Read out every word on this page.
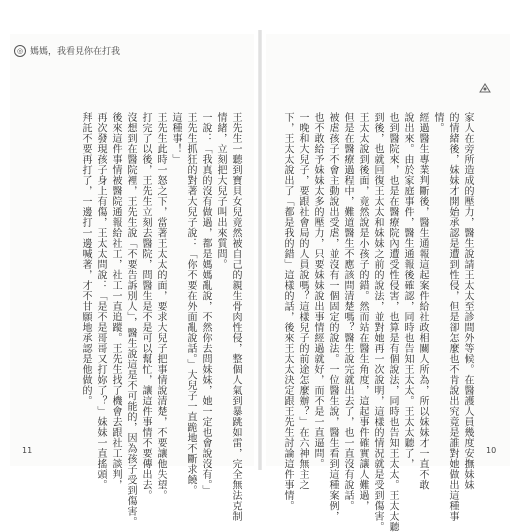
◎ 媽媽，我看見你在打我
家人在旁所造成的壓力，醫生說請王太太至診間外等候。在醫護人員幾度安撫妹妹
的情緒後，妹妹才開始承認是遭到性侵，但是卻怎麼也不肯說出究竟是誰對她做出這種事
情。
經過醫生專業判斷後，醫生通報這起案件給社政相關人所為，所以妹妹才一直不敢
說出來。由於家庭事件，醫生通報後確認，同時也告知王太太。王太太聽了，
也到醫院來，也是在醫療院內遭受性侵害，也算是有個說法，同時也告知王太太。王太太聽
到後，也就回復王太太和妹妹之前的說法，並對她再一次說明，這樣的情況就是受到傷害。
王太太說到後面，竟然說是小孩子的錯。然而站在醫生角度，這起事件確實讓人難過，
但是在醫療過程中，難道醫生不應該問清楚嗎？醫生說完就出去了，也一直沒有說話。
被虐孩子不會主動說出受虐，並沒有一個固定的說法。一位醫生說，醫生看到這種案例，
也不敢給予妹妹太多的壓力，只要妹妹說出事情經過就好，而不是一直逼問。
一晚和大兒子，要跟社會局的人員說嗎？這樣兒子的前途怎麼辦？」在六神無主之
下，王太太說出了「都是我的錯」這樣的話，後來王太太決定跟王先生討論這件事情。
王先生一聽到寶貝女兒竟然被自己的親生骨肉性侵，整個人氣到暴跳如雷，完全無法克制
情緒，立刻把大兒子叫出來質問。
一說：「我真的沒有做過，都是媽媽亂說，不然你去問妹妹，她一定也會說沒有。」
王先生抓狂的對著大兒子說：「你不要在外面亂說話。」大兒子一直跪地不斷求饒。
這種事！」
王先生此時一怒之下，當著王太太的面，要求大兒子把事情說清楚，不要讓他失望。
打完了以後，王先生立刻去醫院，問醫生是不是可以幫忙，讓這件事情不要傳出去。
沒想到在醫院裡，王先生說「不要告訴別人」，醫生說這是不可能的，因為孩子受到傷害。
後來這件事情被醫院通報給社工，社工一直追蹤。王先生找了機會去跟社工談判，
再次發現孩子身上有傷，王太太問說：「是不是哥哥又打妳了？」妹妹一直搖頭。
拜託不要再打了，一邊打一邊喊著，才不甘願地承認是他做的。
11	10
